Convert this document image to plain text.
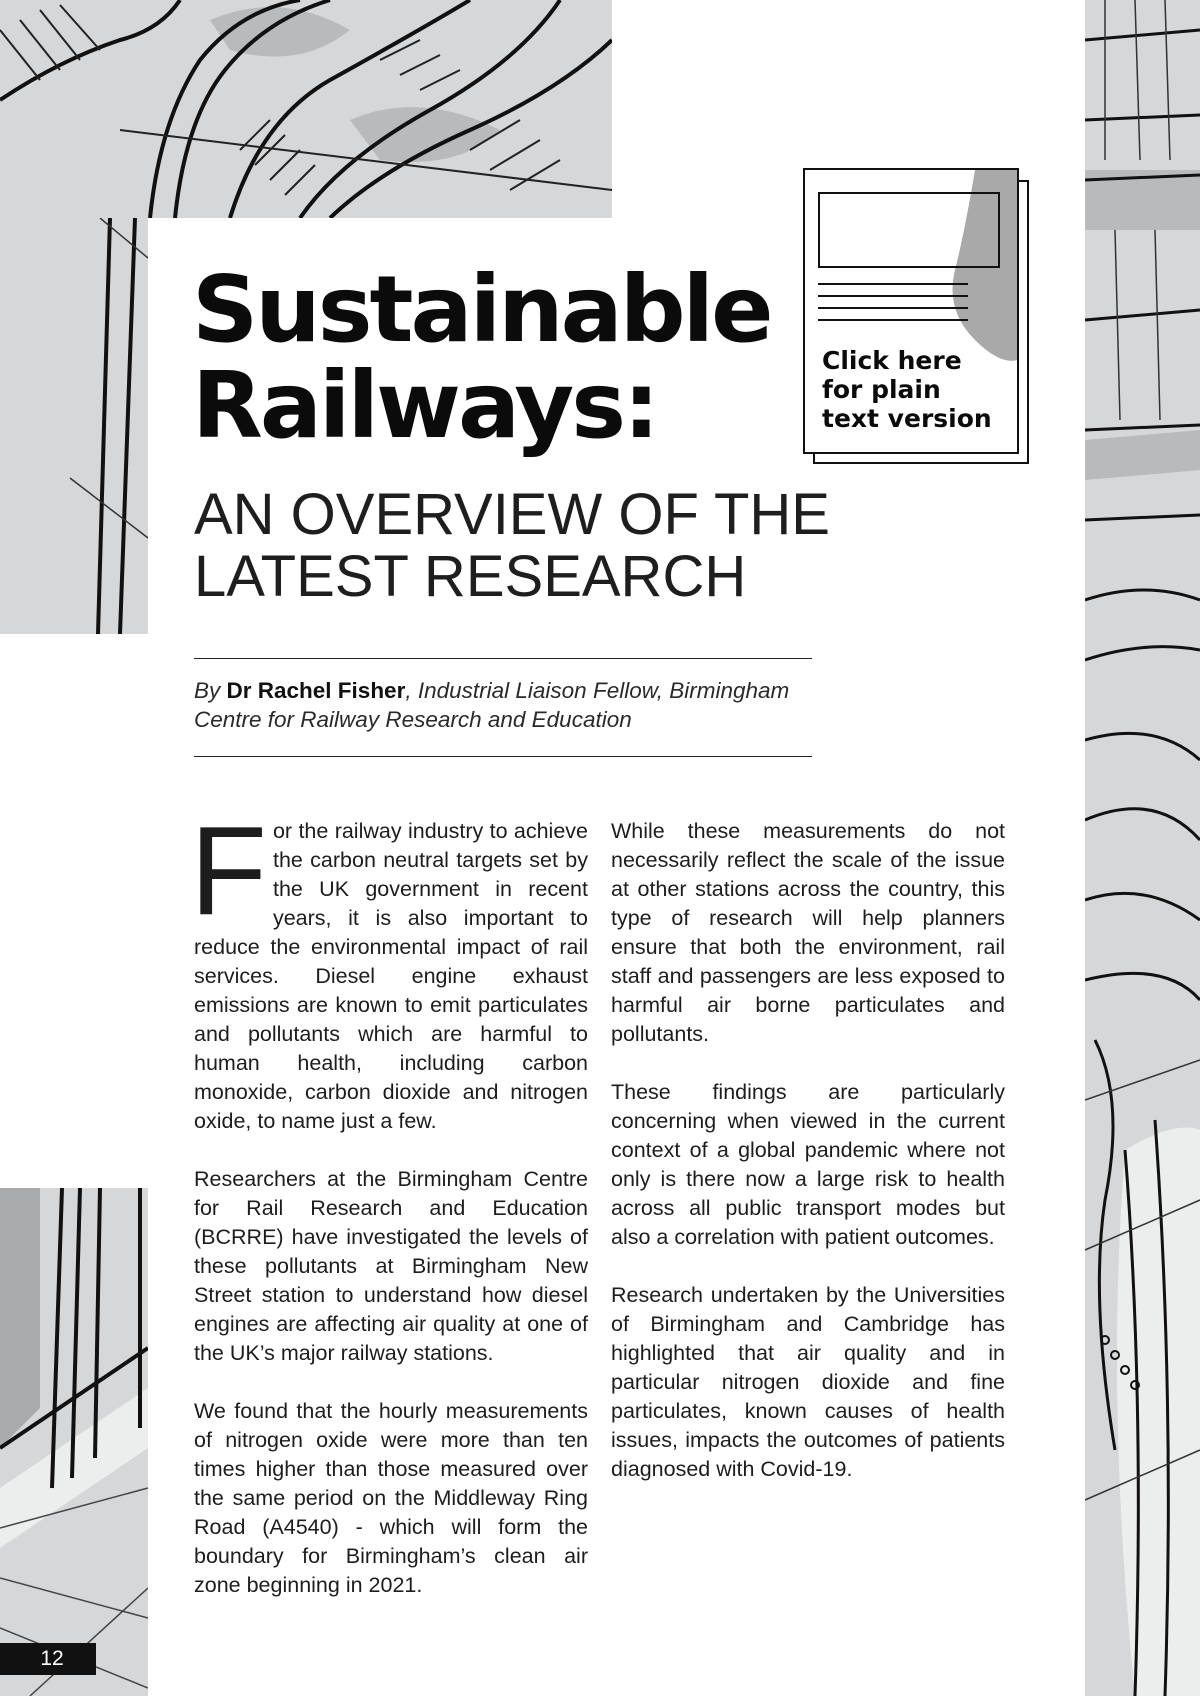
Sustainable
Railways:
AN OVERVIEW OF THE
LATEST RESEARCH

Click here
for plain
text version

By Dr Rachel Fisher, Industrial Liaison Fellow, Birmingham Centre for Railway Research and Education

For the railway industry to achieve the carbon neutral targets set by the UK government in recent years, it is also important to reduce the environmental impact of rail services. Diesel engine exhaust emissions are known to emit particulates and pollutants which are harmful to human health, including carbon monoxide, carbon dioxide and nitrogen oxide, to name just a few.

Researchers at the Birmingham Centre for Rail Research and Education (BCRRE) have investigated the levels of these pollutants at Birmingham New Street station to understand how diesel engines are affecting air quality at one of the UK’s major railway stations.

We found that the hourly measurements of nitrogen oxide were more than ten times higher than those measured over the same period on the Middleway Ring Road (A4540) - which will form the boundary for Birmingham’s clean air zone beginning in 2021.

While these measurements do not necessarily reflect the scale of the issue at other stations across the country, this type of research will help planners ensure that both the environment, rail staff and passengers are less exposed to harmful air borne particulates and pollutants.

These findings are particularly concerning when viewed in the current context of a global pandemic where not only is there now a large risk to health across all public transport modes but also a correlation with patient outcomes.

Research undertaken by the Universities of Birmingham and Cambridge has highlighted that air quality and in particular nitrogen dioxide and fine particulates, known causes of health issues, impacts the outcomes of patients diagnosed with Covid-19.

12
